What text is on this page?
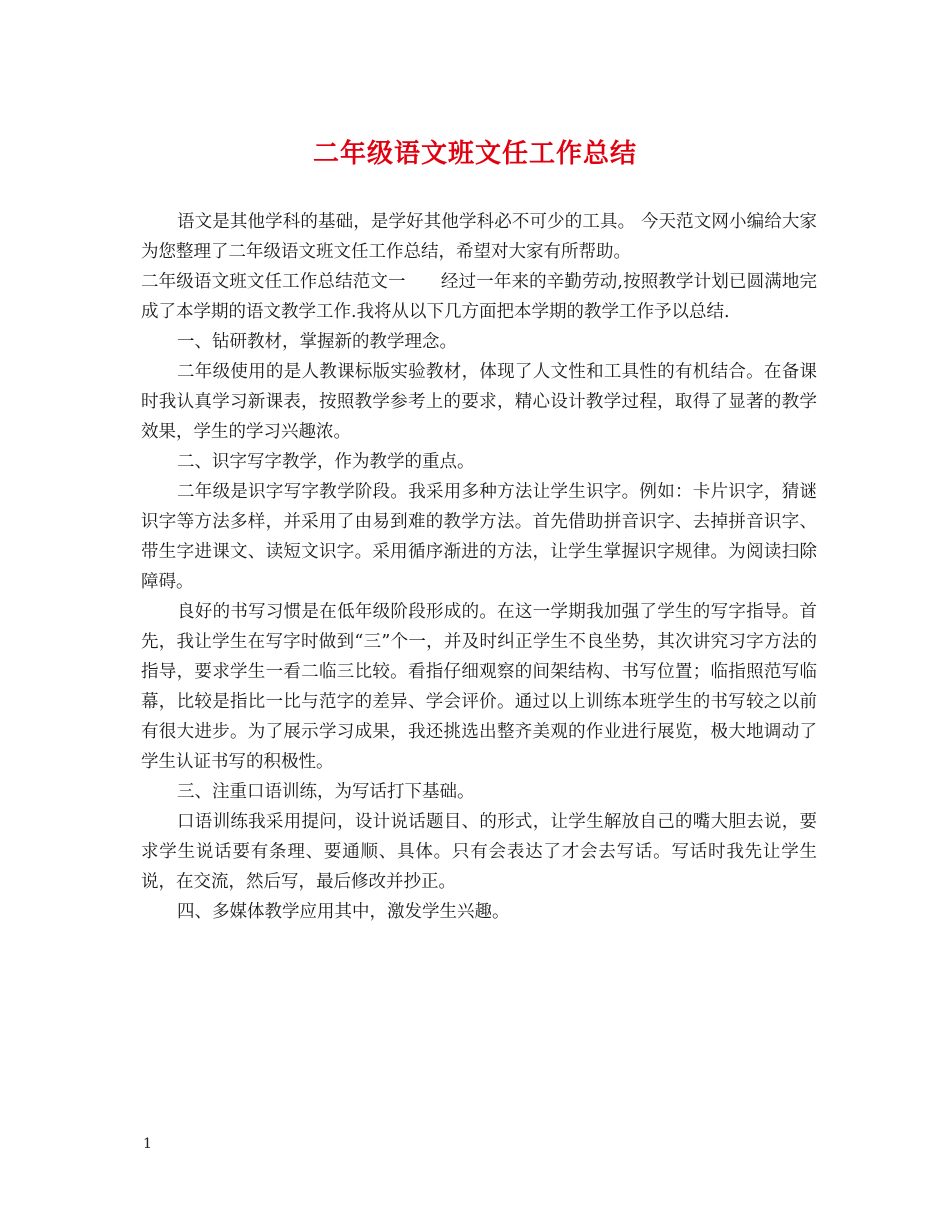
二年级语文班文任工作总结

语文是其他学科的基础，是学好其他学科必不可少的工具。 今天范文网小编给大家为您整理了二年级语文班文任工作总结，希望对大家有所帮助。

二年级语文班文任工作总结范文一　　经过一年来的辛勤劳动,按照教学计划已圆满地完成了本学期的语文教学工作.我将从以下几方面把本学期的教学工作予以总结.

一、钻研教材，掌握新的教学理念。

二年级使用的是人教课标版实验教材，体现了人文性和工具性的有机结合。在备课时我认真学习新课表，按照教学参考上的要求，精心设计教学过程，取得了显著的教学效果，学生的学习兴趣浓。

二、识字写字教学，作为教学的重点。

二年级是识字写字教学阶段。我采用多种方法让学生识字。例如：卡片识字，猜谜识字等方法多样，并采用了由易到难的教学方法。首先借助拼音识字、去掉拼音识字、带生字进课文、读短文识字。采用循序渐进的方法，让学生掌握识字规律。为阅读扫除障碍。

良好的书写习惯是在低年级阶段形成的。在这一学期我加强了学生的写字指导。首先，我让学生在写字时做到“三”个一，并及时纠正学生不良坐势，其次讲究习字方法的指导，要求学生一看二临三比较。看指仔细观察的间架结构、书写位置；临指照范写临幕，比较是指比一比与范字的差异、学会评价。通过以上训练本班学生的书写较之以前有很大进步。为了展示学习成果，我还挑选出整齐美观的作业进行展览，极大地调动了学生认证书写的积极性。

三、注重口语训练，为写话打下基础。

口语训练我采用提问，设计说话题目、的形式，让学生解放自己的嘴大胆去说，要求学生说话要有条理、要通顺、具体。只有会表达了才会去写话。写话时我先让学生说，在交流，然后写，最后修改并抄正。

四、多媒体教学应用其中，激发学生兴趣。

1
